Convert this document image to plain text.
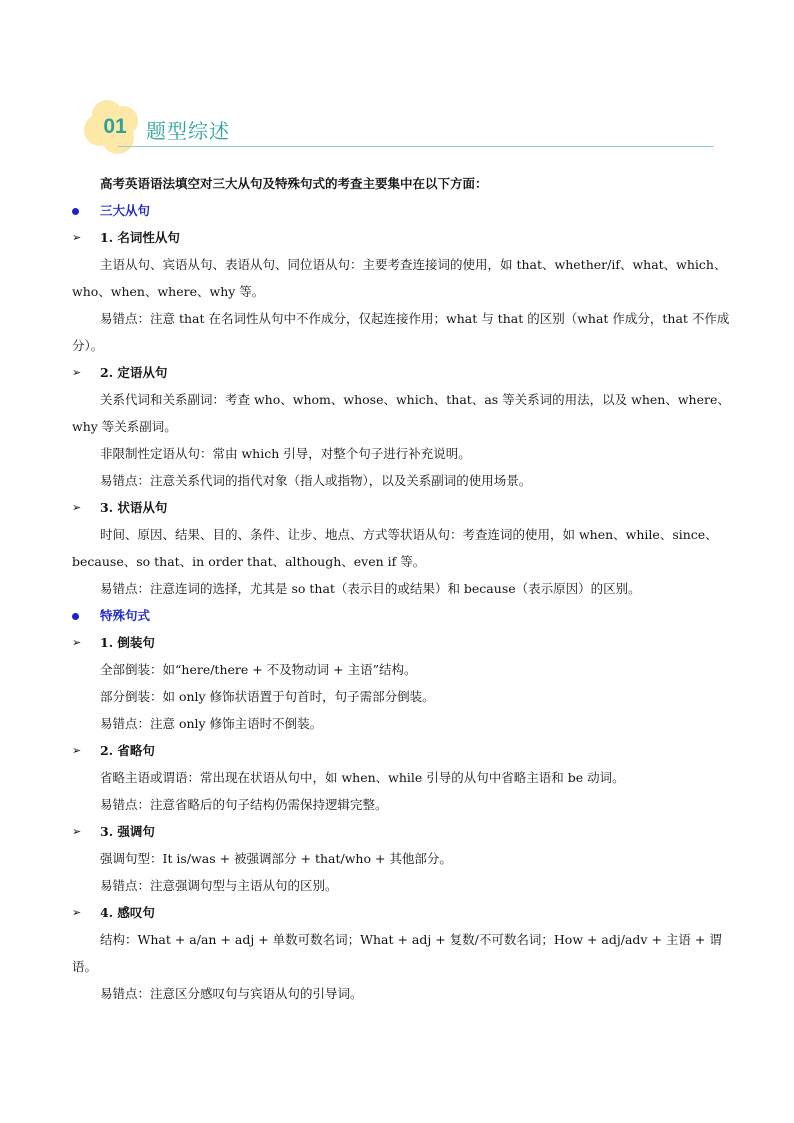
01 题型综述
高考英语语法填空对三大从句及特殊句式的考查主要集中在以下方面：
三大从句
➢ 1. 名词性从句
主语从句、宾语从句、表语从句、同位语从句：主要考查连接词的使用，如 that、whether/if、what、which、who、when、where、why 等。
易错点：注意 that 在名词性从句中不作成分，仅起连接作用；what 与 that 的区别（what 作成分，that 不作成分）。
➢ 2. 定语从句
关系代词和关系副词：考查 who、whom、whose、which、that、as 等关系词的用法，以及 when、where、why 等关系副词。
非限制性定语从句：常由 which 引导，对整个句子进行补充说明。
易错点：注意关系代词的指代对象（指人或指物），以及关系副词的使用场景。
➢ 3. 状语从句
时间、原因、结果、目的、条件、让步、地点、方式等状语从句：考查连词的使用，如 when、while、since、because、so that、in order that、although、even if 等。
易错点：注意连词的选择，尤其是 so that（表示目的或结果）和 because（表示原因）的区别。
特殊句式
➢ 1. 倒装句
全部倒装：如“here/there + 不及物动词 + 主语”结构。
部分倒装：如 only 修饰状语置于句首时，句子需部分倒装。
易错点：注意 only 修饰主语时不倒装。
➢ 2. 省略句
省略主语或谓语：常出现在状语从句中，如 when、while 引导的从句中省略主语和 be 动词。
易错点：注意省略后的句子结构仍需保持逻辑完整。
➢ 3. 强调句
强调句型：It is/was + 被强调部分 + that/who + 其他部分。
易错点：注意强调句型与主语从句的区别。
➢ 4. 感叹句
结构：What + a/an + adj + 单数可数名词；What + adj + 复数/不可数名词；How + adj/adv + 主语 + 谓语。
易错点：注意区分感叹句与宾语从句的引导词。
